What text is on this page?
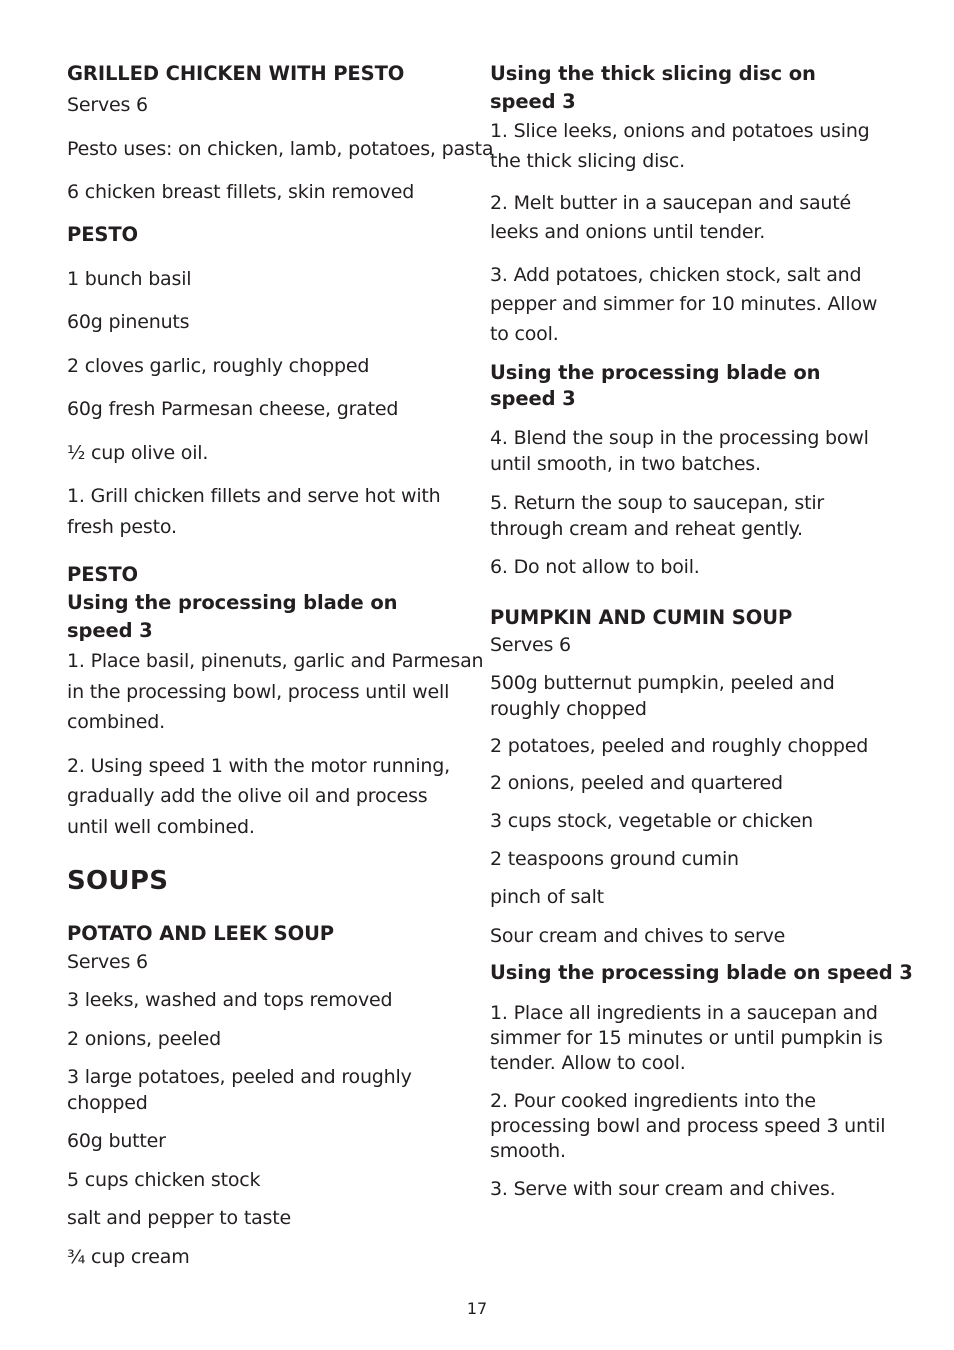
GRILLED CHICKEN WITH PESTO

Serves 6

Pesto uses: on chicken, lamb, potatoes, pasta

6 chicken breast fillets, skin removed

PESTO

1 bunch basil

60g pinenuts

2 cloves garlic, roughly chopped

60g fresh Parmesan cheese, grated

½ cup olive oil.

1. Grill chicken fillets and serve hot with

fresh pesto.

PESTO

Using the processing blade on

speed 3

1. Place basil, pinenuts, garlic and Parmesan

in the processing bowl, process until well

combined.

2. Using speed 1 with the motor running,

gradually add the olive oil and process

until well combined.

SOUPS

POTATO AND LEEK SOUP

Serves 6

3 leeks, washed and tops removed

2 onions, peeled

3 large potatoes, peeled and roughly

chopped

60g butter

5 cups chicken stock

salt and pepper to taste

¾ cup cream

Using the thick slicing disc on

speed 3

1. Slice leeks, onions and potatoes using

the thick slicing disc.

2. Melt butter in a saucepan and sauté

leeks and onions until tender.

3. Add potatoes, chicken stock, salt and

pepper and simmer for 10 minutes. Allow

to cool.

Using the processing blade on

speed 3

4. Blend the soup in the processing bowl

until smooth, in two batches.

5. Return the soup to saucepan, stir

through cream and reheat gently.

6. Do not allow to boil.

PUMPKIN AND CUMIN SOUP

Serves 6

500g butternut pumpkin, peeled and

roughly chopped

2 potatoes, peeled and roughly chopped

2 onions, peeled and quartered

3 cups stock, vegetable or chicken

2 teaspoons ground cumin

pinch of salt

Sour cream and chives to serve

Using the processing blade on speed 3

1. Place all ingredients in a saucepan and

simmer for 15 minutes or until pumpkin is

tender. Allow to cool.

2. Pour cooked ingredients into the

processing bowl and process speed 3 until

smooth.

3. Serve with sour cream and chives.

17
